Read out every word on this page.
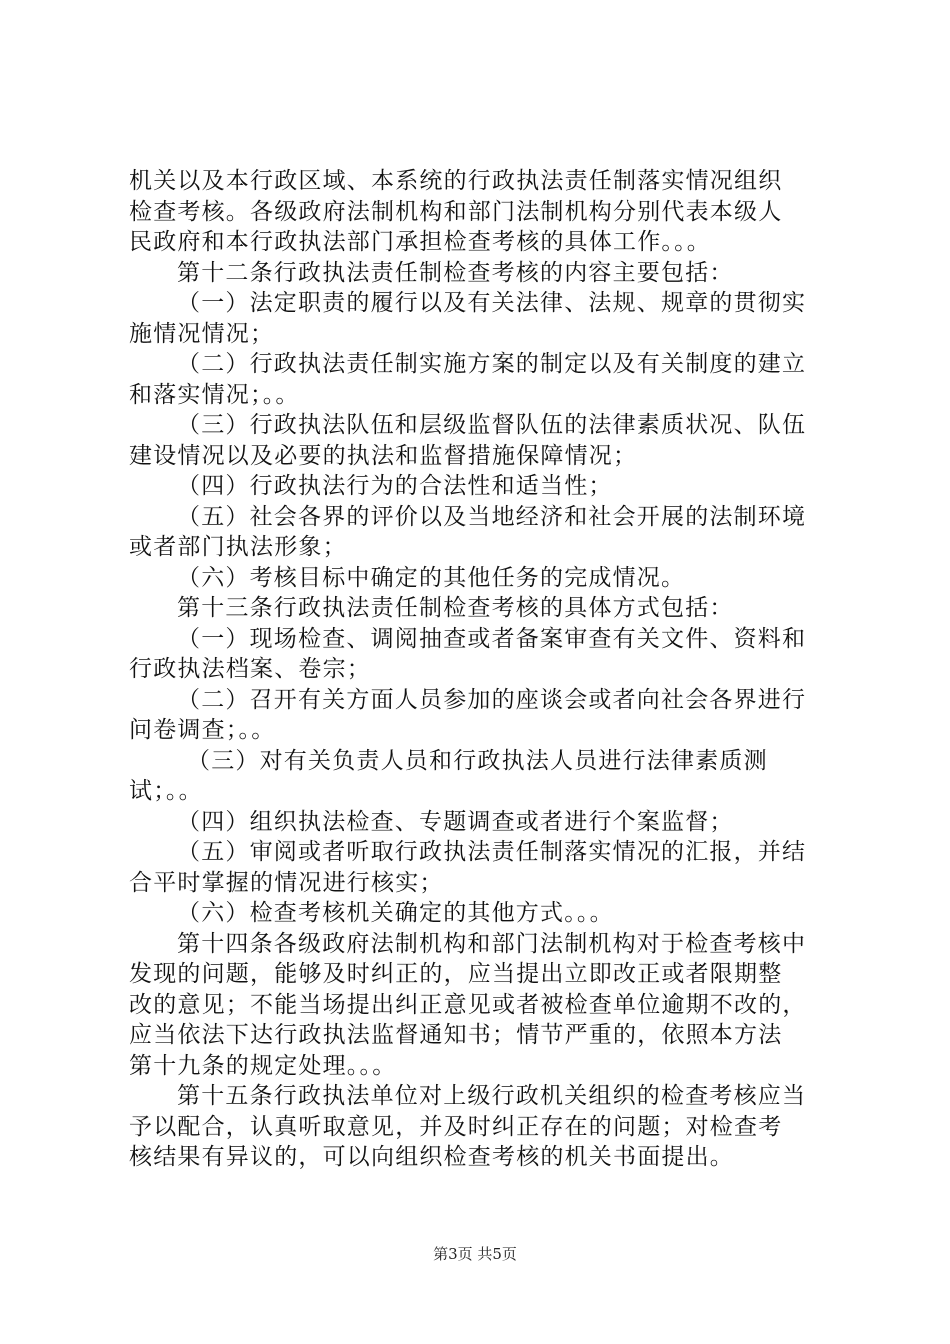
机关以及本行政区域、本系统的行政执法责任制落实情况组织
检查考核。各级政府法制机构和部门法制机构分别代表本级人
民政府和本行政执法部门承担检查考核的具体工作。。。
第十二条行政执法责任制检查考核的内容主要包括：
（一）法定职责的履行以及有关法律、法规、规章的贯彻实
施情况情况；
（二）行政执法责任制实施方案的制定以及有关制度的建立
和落实情况；。。
（三）行政执法队伍和层级监督队伍的法律素质状况、队伍
建设情况以及必要的执法和监督措施保障情况；
（四）行政执法行为的合法性和适当性；
（五）社会各界的评价以及当地经济和社会开展的法制环境
或者部门执法形象；
（六）考核目标中确定的其他任务的完成情况。
第十三条行政执法责任制检查考核的具体方式包括：
（一）现场检查、调阅抽查或者备案审查有关文件、资料和
行政执法档案、卷宗；
（二）召开有关方面人员参加的座谈会或者向社会各界进行
问卷调查；。。
（三）对有关负责人员和行政执法人员进行法律素质测
试；。。
（四）组织执法检查、专题调查或者进行个案监督；
（五）审阅或者听取行政执法责任制落实情况的汇报，并结
合平时掌握的情况进行核实；
（六）检查考核机关确定的其他方式。。。
第十四条各级政府法制机构和部门法制机构对于检查考核中
发现的问题，能够及时纠正的，应当提出立即改正或者限期整
改的意见；不能当场提出纠正意见或者被检查单位逾期不改的，
应当依法下达行政执法监督通知书；情节严重的，依照本方法
第十九条的规定处理。。。
第十五条行政执法单位对上级行政机关组织的检查考核应当
予以配合，认真听取意见，并及时纠正存在的问题；对检查考
核结果有异议的，可以向组织检查考核的机关书面提出。
第3页 共5页
